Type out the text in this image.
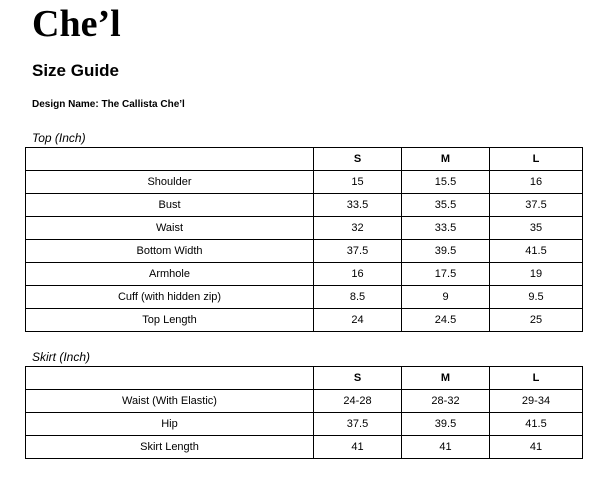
Che’l
Size Guide
Design Name: The Callista Che’l
Top (Inch)
	S	M	L
Shoulder	15	15.5	16
Bust	33.5	35.5	37.5
Waist	32	33.5	35
Bottom Width	37.5	39.5	41.5
Armhole	16	17.5	19
Cuff (with hidden zip)	8.5	9	9.5
Top Length	24	24.5	25
Skirt (Inch)
	S	M	L
Waist (With Elastic)	24-28	28-32	29-34
Hip	37.5	39.5	41.5
Skirt Length	41	41	41
